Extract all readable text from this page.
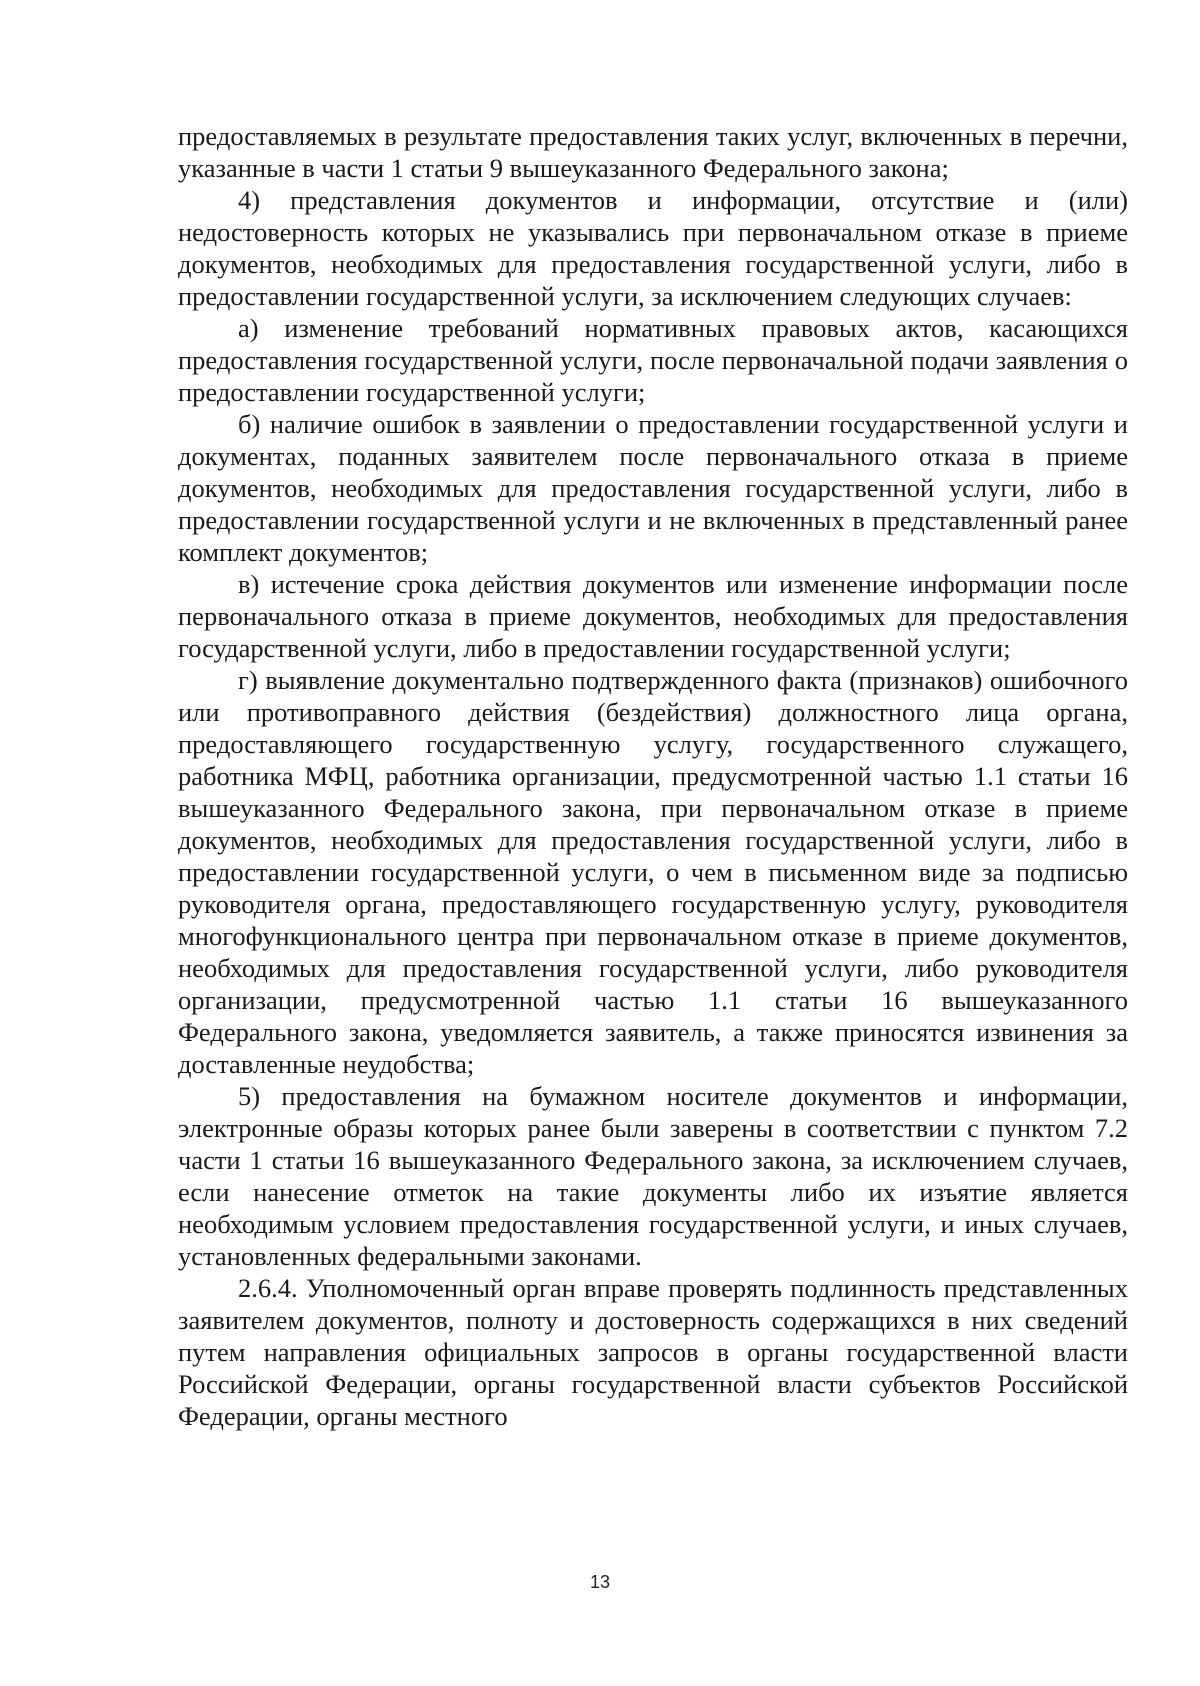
предоставляемых в результате предоставления таких услуг, включенных в перечни, указанные в части 1 статьи 9 вышеуказанного Федерального закона;

4) представления документов и информации, отсутствие и (или) недостоверность которых не указывались при первоначальном отказе в приеме документов, необходимых для предоставления государственной услуги, либо в предоставлении государственной услуги, за исключением следующих случаев:

а) изменение требований нормативных правовых актов, касающихся предоставления государственной услуги, после первоначальной подачи заявления о предоставлении государственной услуги;

б) наличие ошибок в заявлении о предоставлении государственной услуги и документах, поданных заявителем после первоначального отказа в приеме документов, необходимых для предоставления государственной услуги, либо в предоставлении государственной услуги и не включенных в представленный ранее комплект документов;

в) истечение срока действия документов или изменение информации после первоначального отказа в приеме документов, необходимых для предоставления государственной услуги, либо в предоставлении государственной услуги;

г) выявление документально подтвержденного факта (признаков) ошибочного или противоправного действия (бездействия) должностного лица органа, предоставляющего государственную услугу, государственного служащего, работника МФЦ, работника организации, предусмотренной частью 1.1 статьи 16 вышеуказанного Федерального закона, при первоначальном отказе в приеме документов, необходимых для предоставления государственной услуги, либо в предоставлении государственной услуги, о чем в письменном виде за подписью руководителя органа, предоставляющего государственную услугу, руководителя многофункционального центра при первоначальном отказе в приеме документов, необходимых для предоставления государственной услуги, либо руководителя организации, предусмотренной частью 1.1 статьи 16 вышеуказанного Федерального закона, уведомляется заявитель, а также приносятся извинения за доставленные неудобства;

5) предоставления на бумажном носителе документов и информации, электронные образы которых ранее были заверены в соответствии с пунктом 7.2 части 1 статьи 16 вышеуказанного Федерального закона, за исключением случаев, если нанесение отметок на такие документы либо их изъятие является необходимым условием предоставления государственной услуги, и иных случаев, установленных федеральными законами.

2.6.4. Уполномоченный орган вправе проверять подлинность представленных заявителем документов, полноту и достоверность содержащихся в них сведений путем направления официальных запросов в органы государственной власти Российской Федерации, органы государственной власти субъектов Российской Федерации, органы местного

13
